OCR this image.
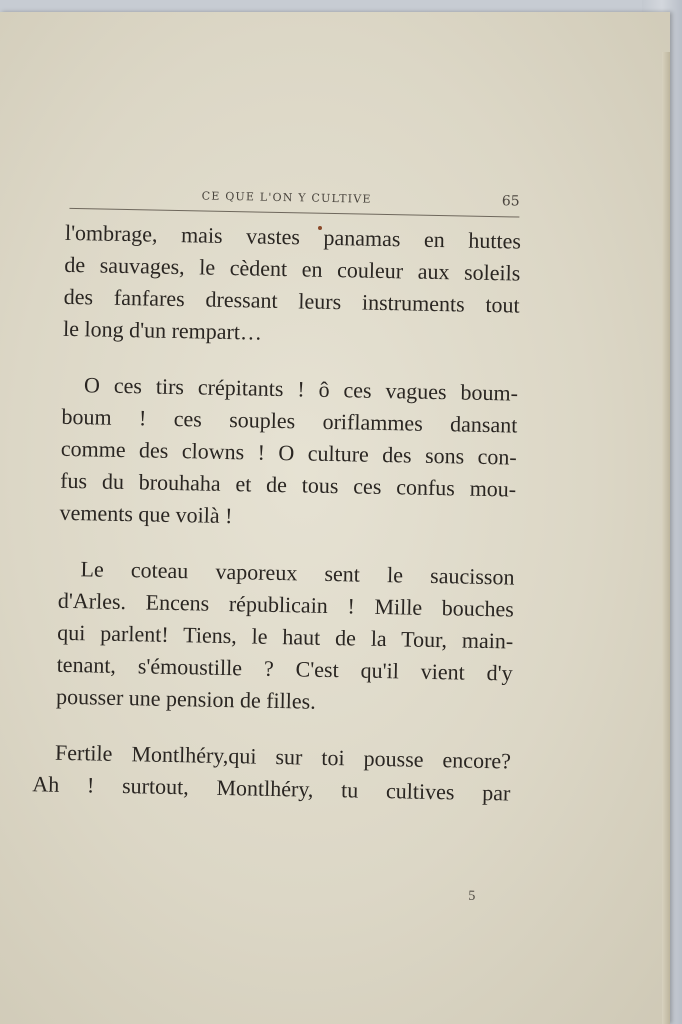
CE QUE L'ON Y CULTIVE	65
l'ombrage, mais vastes panamas en huttes
de sauvages, le cèdent en couleur aux soleils
des fanfares dressant leurs instruments tout
le long d'un rempart…
O ces tirs crépitants ! ô ces vagues boum-
boum ! ces souples oriflammes dansant
comme des clowns ! O culture des sons con-
fus du brouhaha et de tous ces confus mou-
vements que voilà !
Le coteau vaporeux sent le saucisson
d'Arles. Encens républicain ! Mille bouches
qui parlent! Tiens, le haut de la Tour, main-
tenant, s'émoustille ? C'est qu'il vient d'y
pousser une pension de filles.
Fertile Montlhéry,qui sur toi pousse encore?
Ah ! surtout, Montlhéry, tu cultives par
5
